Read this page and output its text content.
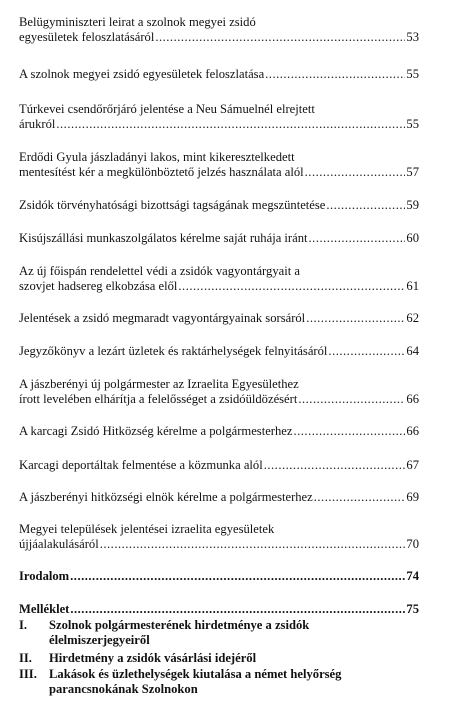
Belügyminiszteri leirat a szolnok megyei zsidó
egyesületek feloszlatásáról .....	53
A szolnok megyei zsidó egyesületek feloszlatása .....	55
Túrkevei csendőrőrjáró jelentése a Neu Sámuelnél elrejtett
árukról .....	55
Erdődi Gyula jászladányi lakos, mint kikeresztelkedett
mentesítést kér a megkülönböztető jelzés használata alól .....	57
Zsidók törvényhatósági bizottsági tagságának megszüntetése .....	59
Kisújszállási munkaszolgálatos kérelme saját ruhája iránt .....	60
Az új főispán rendelettel védi a zsidók vagyontárgyait a
szovjet hadsereg elkobzása elől .....	61
Jelentések a zsidó megmaradt vagyontárgyainak sorsáról .....	62
Jegyzőkönyv a lezárt üzletek és raktárhelységek felnyitásáról .....	64
A jászberényi új polgármester az Izraelita Egyesülethez
írott levelében elhárítja a felelősséget a zsidóüldözésért .....	66
A karcagi Zsidó Hitközség kérelme a polgármesterhez .....	66
Karcagi deportáltak felmentése a közmunka alól .....	67
A jászberényi hitközségi elnök kérelme a polgármesterhez .....	69
Megyei települések jelentései izraelita egyesületek
újjáalakulásáról .....	70
Irodalom .....	74
Melléklet .....	75
I. Szolnok polgármesterének hirdetménye a zsidók
élelmiszerjegyeiről
II. Hirdetmény a zsidók vásárlási idejéről
III. Lakások és üzlethelységek kiutalása a német helyőrség
parancsnokának Szolnokon
